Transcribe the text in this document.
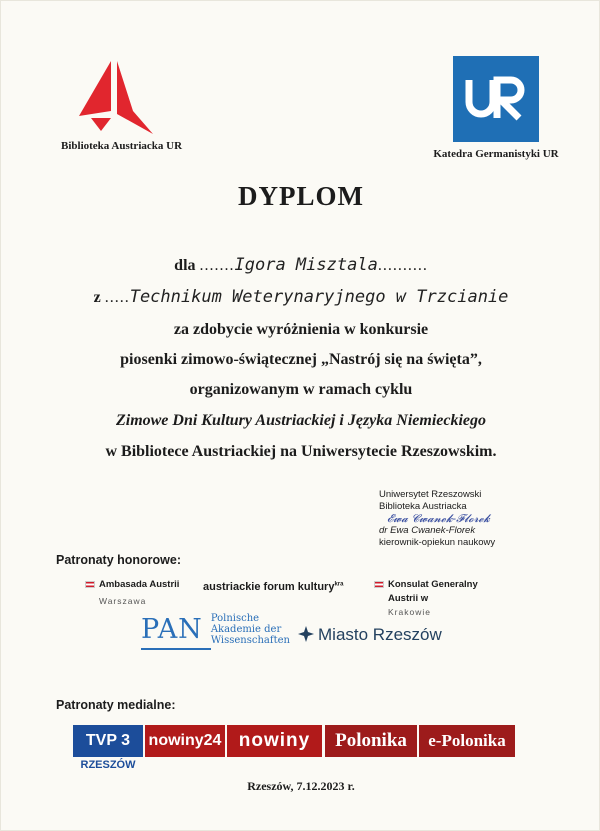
Biblioteka Austriacka UR
Katedra Germanistyki UR
DYPLOM
dla .......Igora Misztala..........
z .....Technikum Weterynaryjnego w Trzcianie
za zdobycie wyróżnienia w konkursie
piosenki zimowo-świątecznej „Nastrój się na święta”,
organizowanym w ramach cyklu
Zimowe Dni Kultury Austriackiej i Języka Niemieckiego
w Bibliotece Austriackiej na Uniwersytecie Rzeszowskim.
Uniwersytet Rzeszowski
Biblioteka Austriacka
𝓔𝔀𝓪 𝓒𝔀𝓪𝓷𝓮𝓴-𝓕𝓵𝓸𝓻𝓮𝓴
dr Ewa Cwanek-Florek
kierownik-opiekun naukowy
Patronaty honorowe:
Ambasada Austrii
Warszawa
austriackie forum kultury$^{kra}$	Konsulat Generalny
Austrii w
Krakowie
PAN Polnische
Akademie der
Wissenschaften	Miasto Rzeszów
Patronaty medialne:
TVP 3
RZESZÓW
nowiny24 nowiny	Polonika	e-Polonika
Rzeszów, 7.12.2023 r.
